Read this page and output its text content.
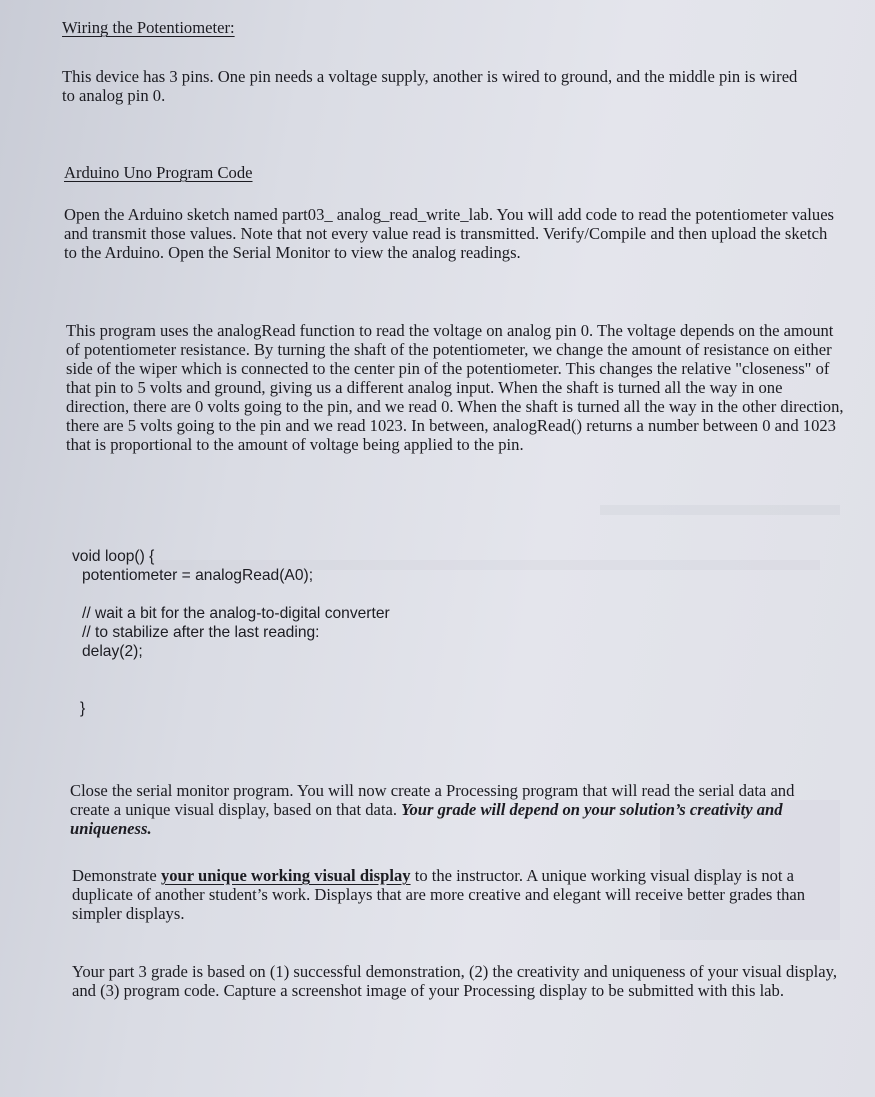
Wiring the Potentiometer:

This device has 3 pins. One pin needs a voltage supply, another is wired to ground, and the middle pin is wired to analog pin 0.

Arduino Uno Program Code

Open the Arduino sketch named part03_ analog_read_write_lab. You will add code to read the potentiometer values and transmit those values. Note that not every value read is transmitted. Verify/Compile and then upload the sketch to the Arduino. Open the Serial Monitor to view the analog readings.

This program uses the analogRead function to read the voltage on analog pin 0. The voltage depends on the amount of potentiometer resistance. By turning the shaft of the potentiometer, we change the amount of resistance on either side of the wiper which is connected to the center pin of the potentiometer. This changes the relative "closeness" of that pin to 5 volts and ground, giving us a different analog input. When the shaft is turned all the way in one direction, there are 0 volts going to the pin, and we read 0. When the shaft is turned all the way in the other direction, there are 5 volts going to the pin and we read 1023. In between, analogRead() returns a number between 0 and 1023 that is proportional to the amount of voltage being applied to the pin.

void loop() {
potentiometer = analogRead(A0);
// wait a bit for the analog-to-digital converter
// to stabilize after the last reading:
delay(2);
}

Close the serial monitor program. You will now create a Processing program that will read the serial data and create a unique visual display, based on that data. Your grade will depend on your solution’s creativity and uniqueness.

Demonstrate your unique working visual display to the instructor. A unique working visual display is not a duplicate of another student’s work. Displays that are more creative and elegant will receive better grades than simpler displays.

Your part 3 grade is based on (1) successful demonstration, (2) the creativity and uniqueness of your visual display, and (3) program code. Capture a screenshot image of your Processing display to be submitted with this lab.
